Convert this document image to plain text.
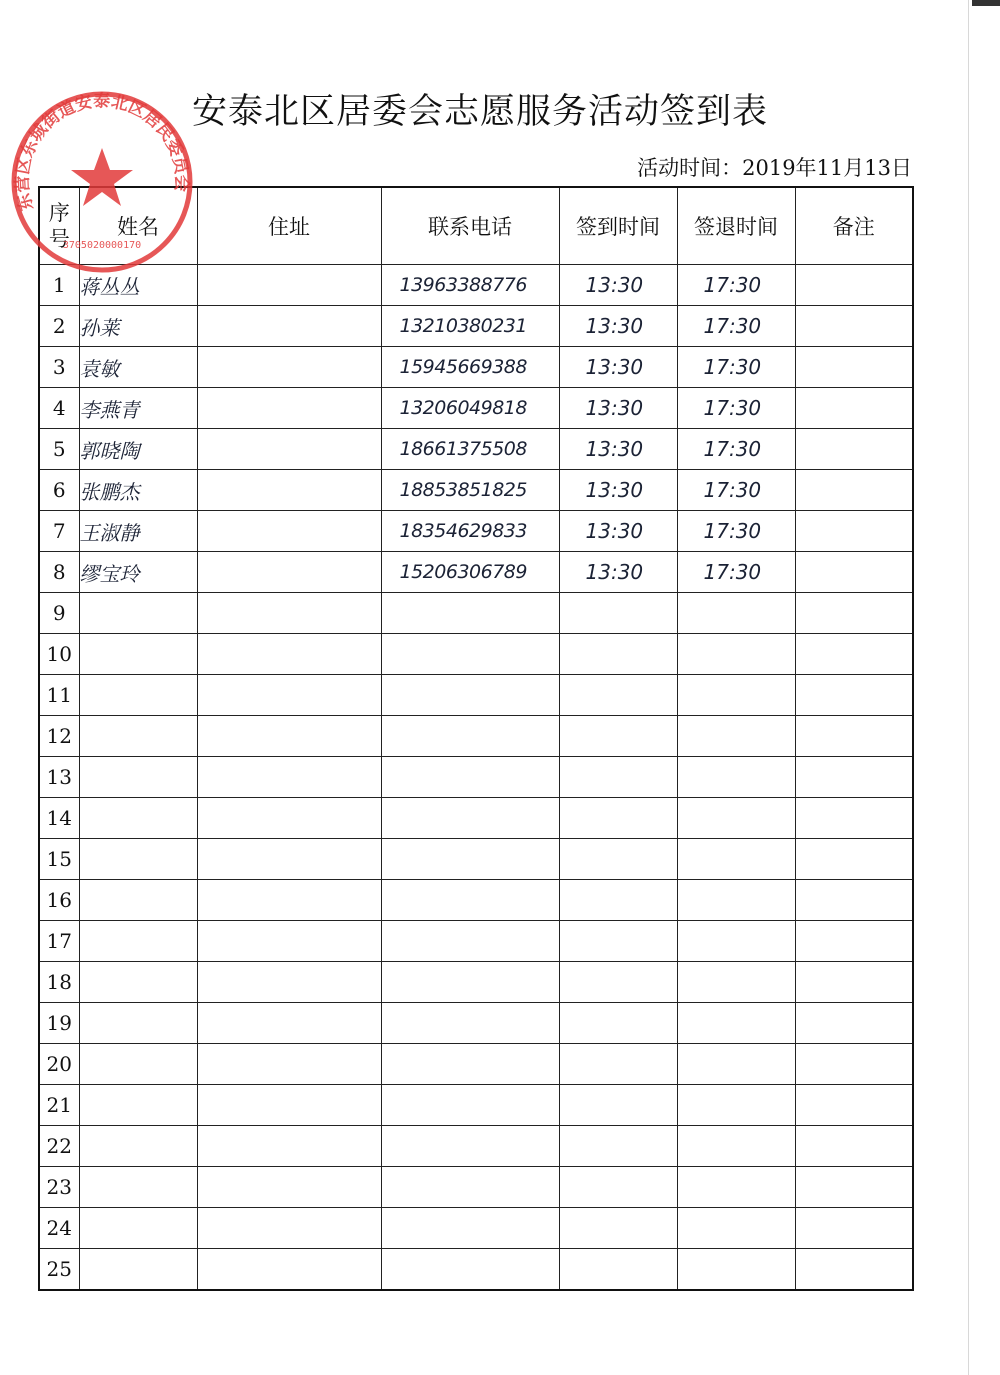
安泰北区居委会志愿服务活动签到表
活动时间：2019年11月13日
序
号	姓名	住址	联系电话	签到时间	签退时间	备注
1	蒋丛丛		13963388776	13:30	17:30	
2	孙莱		13210380231	13:30	17:30	
3	袁敏		15945669388	13:30	17:30	
4	李燕青		13206049818	13:30	17:30	
5	郭晓陶		18661375508	13:30	17:30	
6	张鹏杰		18853851825	13:30	17:30	
7	王淑静		18354629833	13:30	17:30	
8	缪宝玲		15206306789	13:30	17:30	
9						
10						
11						
12						
13						
14						
15						
16						
17						
18						
19						
20						
21						
22						
23						
24						
25						
东营区东城街道安泰北区居民委员会
3705020000170
